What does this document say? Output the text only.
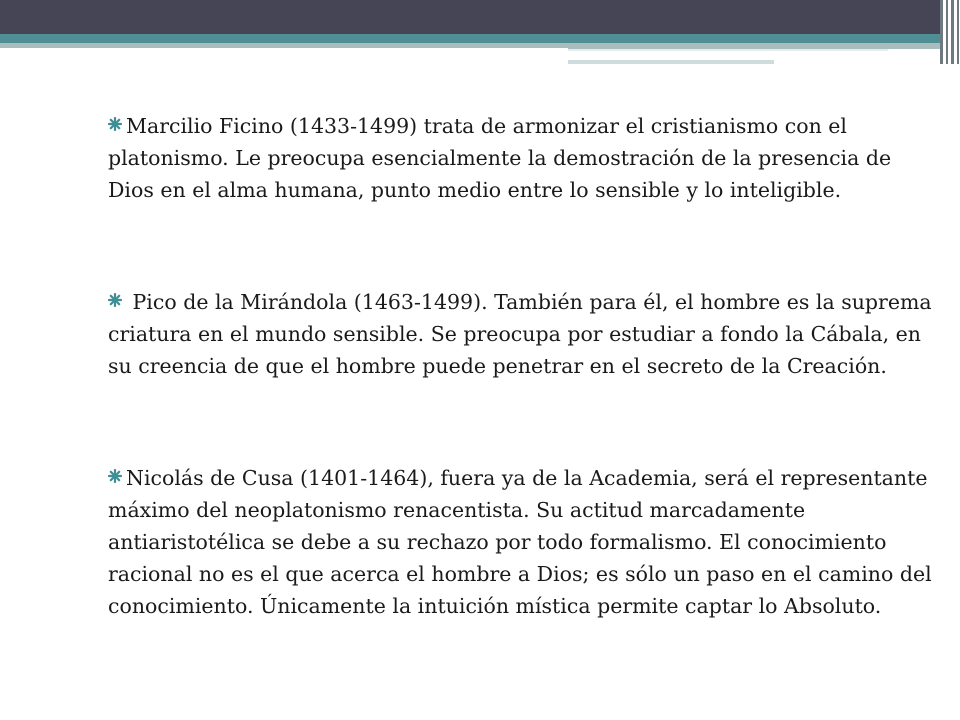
Marcilio Ficino (1433-1499) trata de armonizar el cristianismo con el platonismo. Le preocupa esencialmente la demostración de la presencia de Dios en el alma humana, punto medio entre lo sensible y lo inteligible.

Pico de la Mirándola (1463-1499). También para él, el hombre es la suprema criatura en el mundo sensible. Se preocupa por estudiar a fondo la Cábala, en su creencia de que el hombre puede penetrar en el secreto de la Creación.

Nicolás de Cusa (1401-1464), fuera ya de la Academia, será el representante máximo del neoplatonismo renacentista. Su actitud marcadamente antiaristotélica se debe a su rechazo por todo formalismo. El conocimiento racional no es el que acerca el hombre a Dios; es sólo un paso en el camino del conocimiento. Únicamente la intuición mística permite captar lo Absoluto.
